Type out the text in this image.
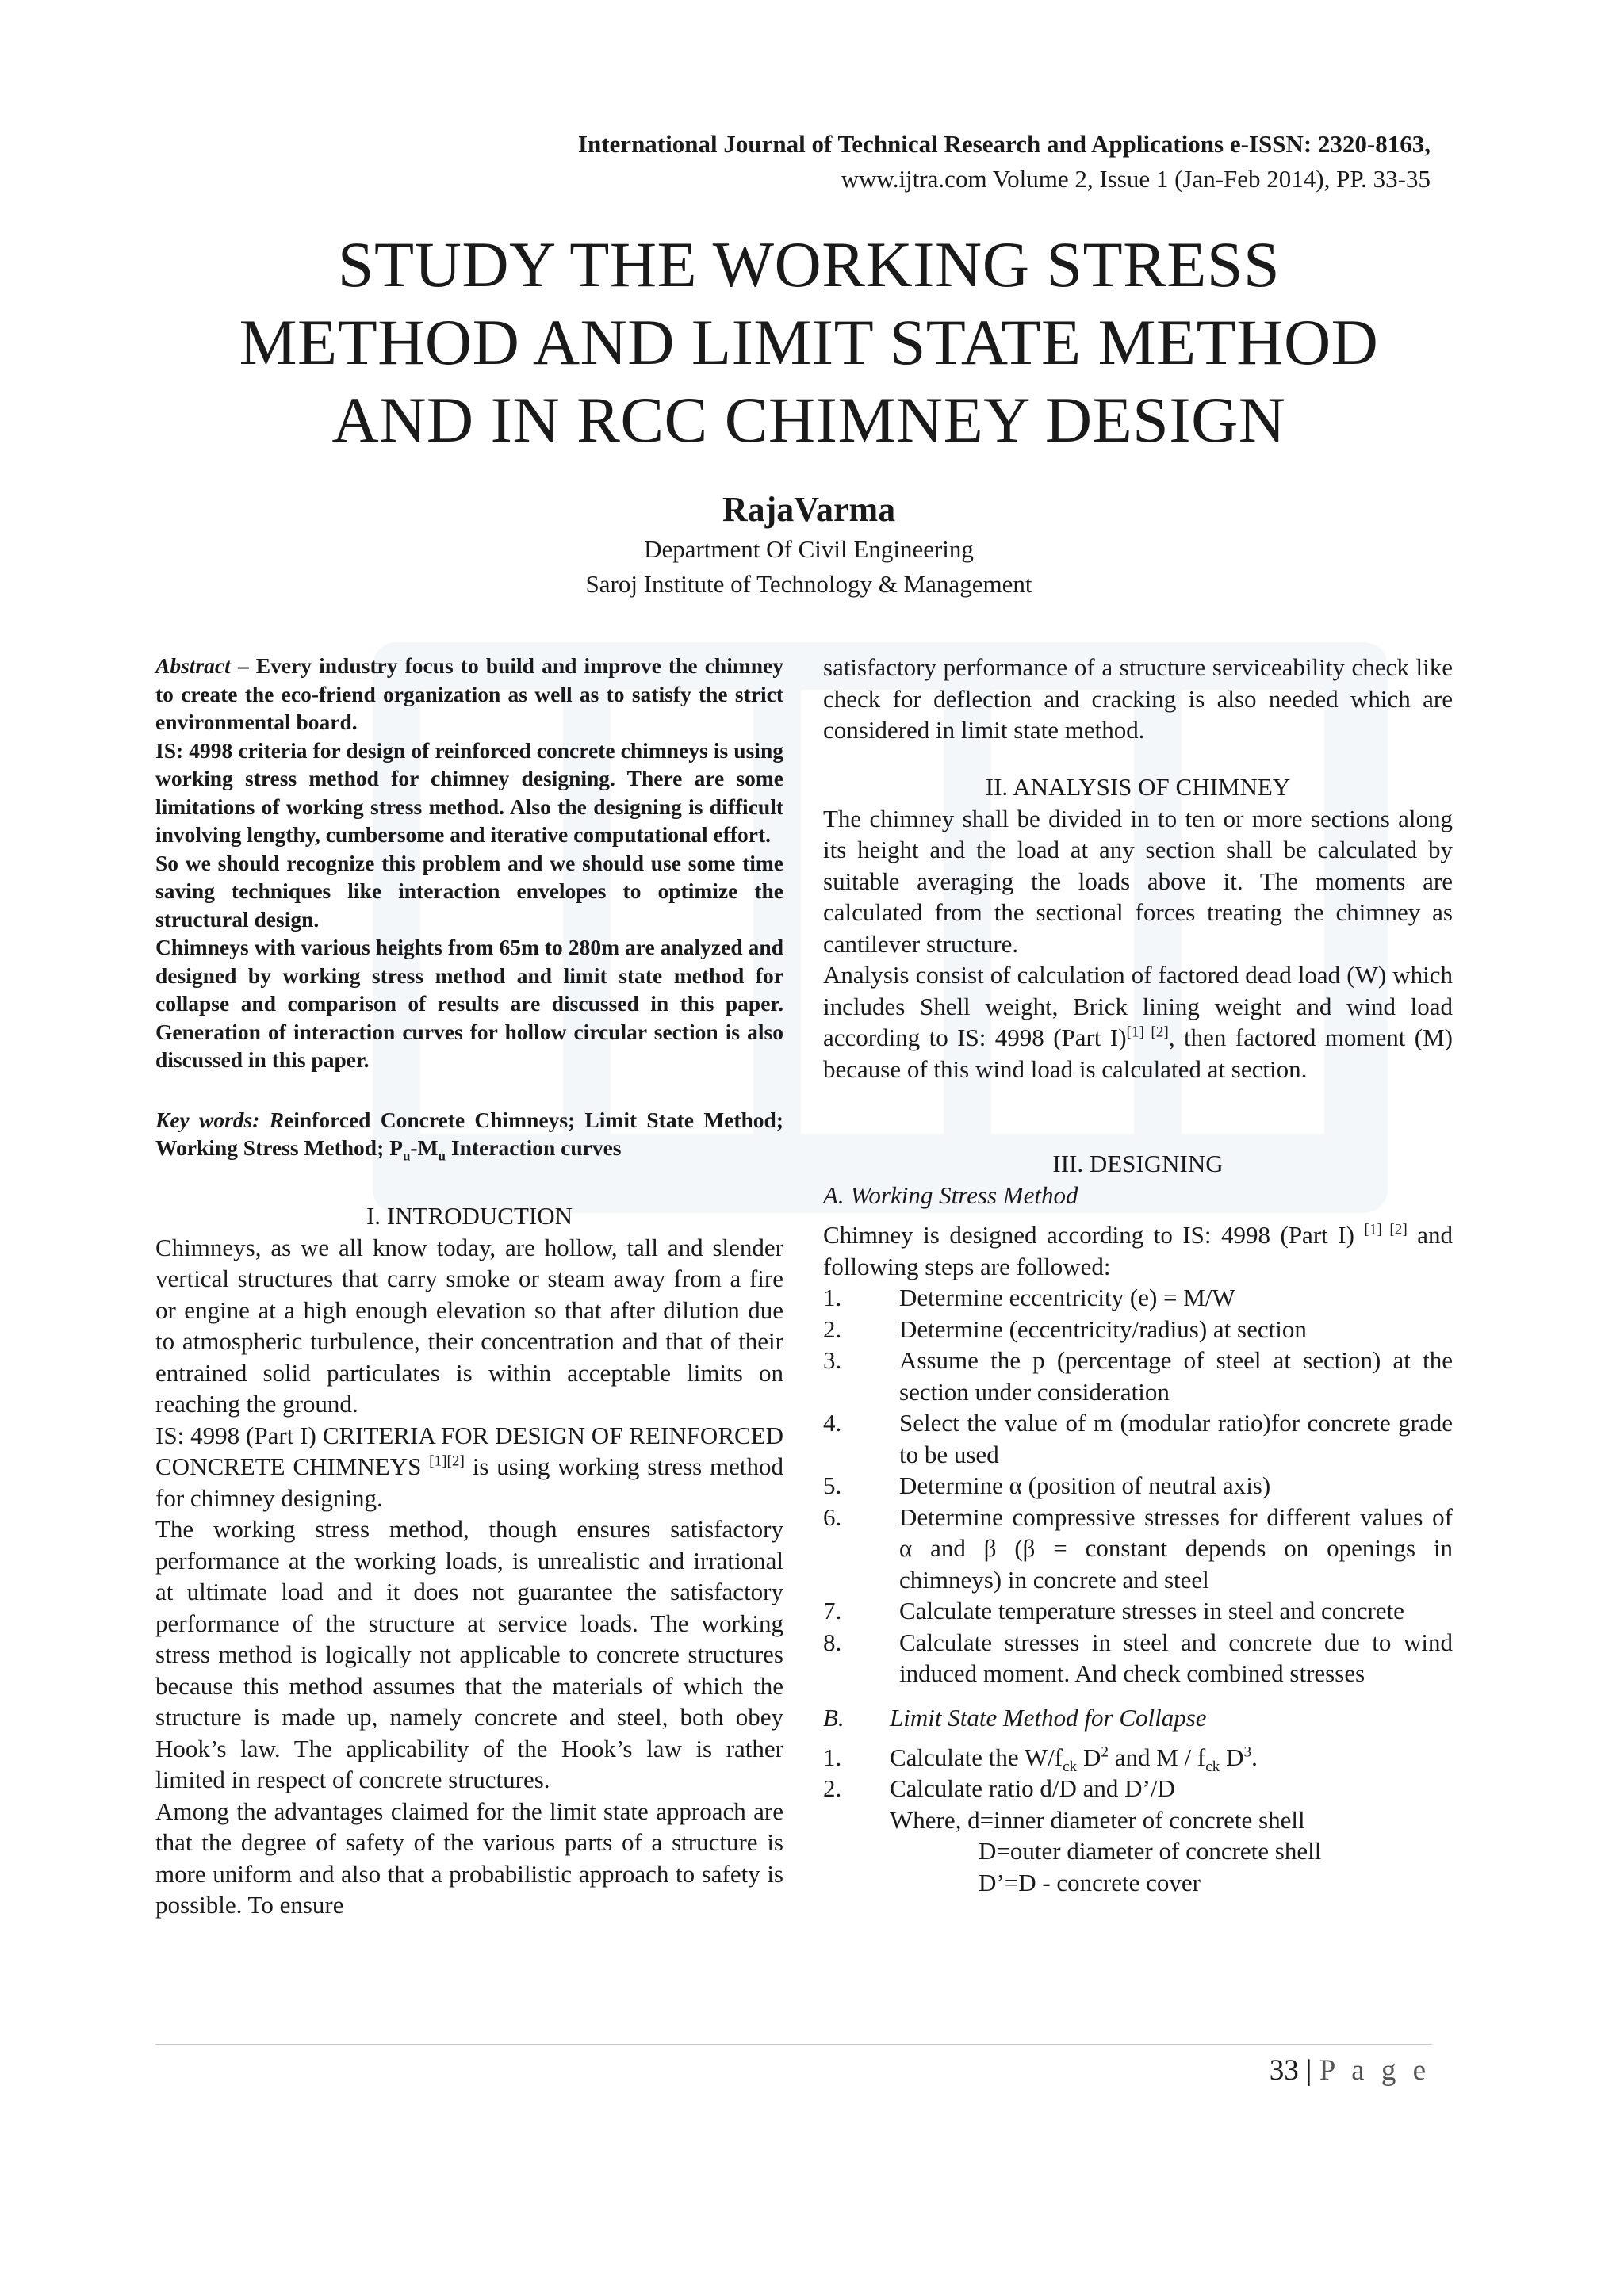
International Journal of Technical Research and Applications e-ISSN: 2320-8163,
www.ijtra.com Volume 2, Issue 1 (Jan-Feb 2014), PP. 33-35
STUDY THE WORKING STRESS
METHOD AND LIMIT STATE METHOD
AND IN RCC CHIMNEY DESIGN
RajaVarma
Department Of Civil Engineering
Saroj Institute of Technology & Management

Abstract – Every industry focus to build and improve the chimney to create the eco-friend organization as well as to satisfy the strict environmental board.

IS: 4998 criteria for design of reinforced concrete chimneys is using working stress method for chimney designing. There are some limitations of working stress method. Also the designing is difficult involving lengthy, cumbersome and iterative computational effort.

So we should recognize this problem and we should use some time saving techniques like interaction envelopes to optimize the structural design.

Chimneys with various heights from 65m to 280m are analyzed and designed by working stress method and limit state method for collapse and comparison of results are discussed in this paper. Generation of interaction curves for hollow circular section is also discussed in this paper.

Key words: Reinforced Concrete Chimneys; Limit State Method; Working Stress Method; $P_u-M_u$ Interaction curves
I. INTRODUCTION

Chimneys, as we all know today, are hollow, tall and slender vertical structures that carry smoke or steam away from a fire or engine at a high enough elevation so that after dilution due to atmospheric turbulence, their concentration and that of their entrained solid particulates is within acceptable limits on reaching the ground.

IS: 4998 (Part I) CRITERIA FOR DESIGN OF REINFORCED CONCRETE CHIMNEYS [1][2] is using working stress method for chimney designing.

The working stress method, though ensures satisfactory performance at the working loads, is unrealistic and irrational at ultimate load and it does not guarantee the satisfactory performance of the structure at service loads. The working stress method is logically not applicable to concrete structures because this method assumes that the materials of which the structure is made up, namely concrete and steel, both obey Hook’s law. The applicability of the Hook’s law is rather limited in respect of concrete structures.

Among the advantages claimed for the limit state approach are that the degree of safety of the various parts of a structure is more uniform and also that a probabilistic approach to safety is possible. To ensure

satisfactory performance of a structure serviceability check like check for deflection and cracking is also needed which are considered in limit state method.

II. ANALYSIS OF CHIMNEY

The chimney shall be divided in to ten or more sections along its height and the load at any section shall be calculated by suitable averaging the loads above it. The moments are calculated from the sectional forces treating the chimney as cantilever structure.

Analysis consist of calculation of factored dead load (W) which includes Shell weight, Brick lining weight and wind load according to IS: 4998 (Part I)[1] [2], then factored moment (M) because of this wind load is calculated at section.

III. DESIGNING
A. Working Stress Method

Chimney is designed according to IS: 4998 (Part I) [1] [2] and following steps are followed:

1. Determine eccentricity (e) = M/W
2. Determine (eccentricity/radius) at section
3. Assume the p (percentage of steel at section) at the section under consideration
4. Select the value of m (modular ratio)for concrete grade to be used
5. Determine α (position of neutral axis)
6. Determine compressive stresses for different values of α and β (β = constant depends on openings in chimneys) in concrete and steel
7. Calculate temperature stresses in steel and concrete
8. Calculate stresses in steel and concrete due to wind induced moment. And check combined stresses
B. Limit State Method for Collapse
1. Calculate the $W/f_{ck}$ $D^2$ and M / $f_{ck}$ $D^3$.
2. Calculate ratio d/D and D’/D
Where, d=inner diameter of concrete shell
D=outer diameter of concrete shell
D’=D - concrete cover
33 | P a g e
